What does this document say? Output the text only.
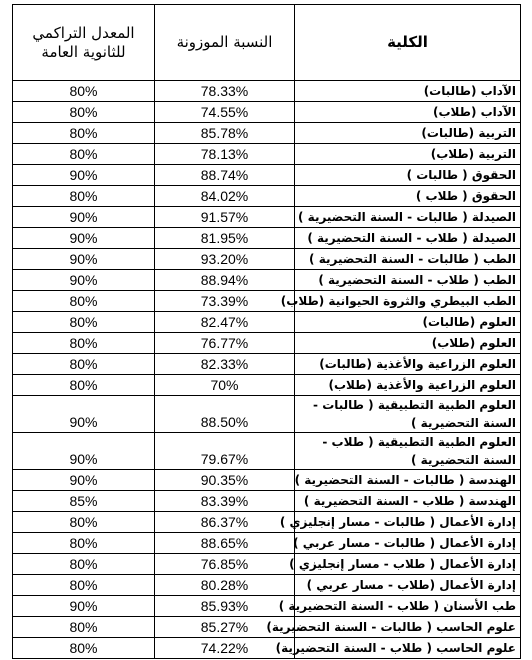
الكلية	النسبة الموزونة	المعدل التراكمي للثانوية العامة
الآداب (طالبات)	78.33%	80%
الآداب (طلاب)	74.55%	80%
التربية (طالبات)	85.78%	80%
التربية (طلاب)	78.13%	80%
الحقوق ( طالبات )	88.74%	90%
الحقوق ( طلاب )	84.02%	80%
الصيدلة ( طالبات - السنة التحضيرية )	91.57%	90%
الصيدلة ( طلاب - السنة التحضيرية )	81.95%	90%
الطب ( طالبات - السنة التحضيرية )	93.20%	90%
الطب ( طلاب - السنة التحضيرية )	88.94%	90%
الطب البيطري والثروة الحيوانية (طلاب)	73.39%	80%
العلوم (طالبات)	82.47%	80%
العلوم (طلاب)	76.77%	80%
العلوم الزراعية والأغذية (طالبات)	82.33%	80%
العلوم الزراعية والأغذية (طلاب)	70%	80%
العلوم الطبية التطبيقية ( طالبات - السنة التحضيرية )	88.50%	90%
العلوم الطبية التطبيقية ( طلاب - السنة التحضيرية )	79.67%	90%
الهندسة ( طالبات - السنة التحضيرية )	90.35%	90%
الهندسة ( طلاب - السنة التحضيرية )	83.39%	85%
إدارة الأعمال ( طالبات - مسار إنجليزي )	86.37%	80%
إدارة الأعمال ( طالبات - مسار عربي )	88.65%	80%
إدارة الأعمال ( طلاب - مسار إنجليزي )	76.85%	80%
إدارة الأعمال (طلاب - مسار عربي )	80.28%	80%
طب الأسنان ( طلاب - السنة التحضيرية )	85.93%	90%
علوم الحاسب ( طالبات - السنة التحضيرية)	85.27%	80%
علوم الحاسب ( طلاب - السنة التحضيرية)	74.22%	80%
